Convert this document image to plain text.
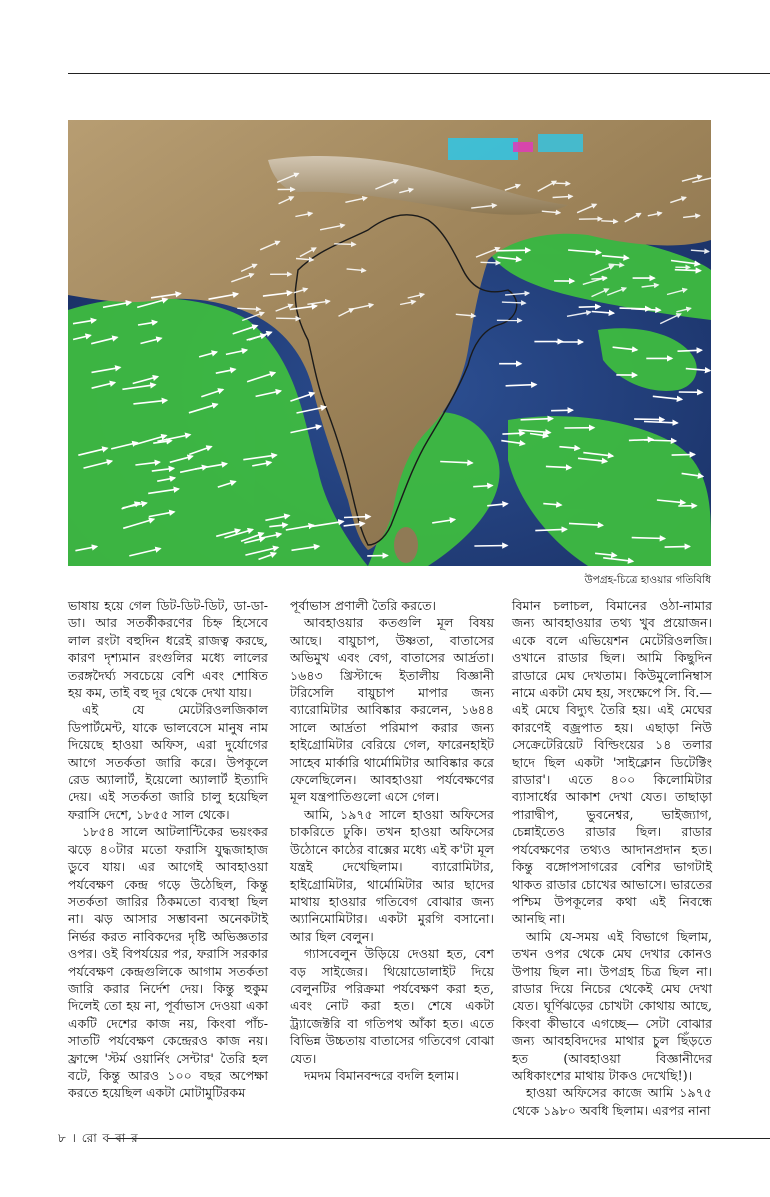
উপগ্রহ-চিত্রে হাওয়ার গতিবিধি

ভাষায় হয়ে গেল ডিট-ডিট-ডিট, ডা-ডা-ডা। আর সতর্কীকরণের চিহ্ন হিসেবে লাল রংটা বহুদিন ধরেই রাজত্ব করছে, কারণ দৃশ্যমান রংগুলির মধ্যে লালের তরঙ্গদৈর্ঘ্য সবচেয়ে বেশি এবং শোষিত হয় কম, তাই বহু দূর থেকে দেখা যায়।

এই যে মেটেরিওলজিকাল ডিপার্টমেন্ট, যাকে ভালবেসে মানুষ নাম দিয়েছে হাওয়া অফিস, এরা দুর্যোগের আগে সতর্কতা জারি করে। উপকূলে রেড অ্যালার্ট, ইয়েলো অ্যালার্ট ইত্যাদি দেয়। এই সতর্কতা জারি চালু হয়েছিল ফরাসি দেশে, ১৮৫৫ সাল থেকে।

১৮৫৪ সালে আটলান্টিকের ভয়ংকর ঝড়ে ৪০টার মতো ফরাসি যুদ্ধজাহাজ ডুবে যায়। এর আগেই আবহাওয়া পর্যবেক্ষণ কেন্দ্র গড়ে উঠেছিল, কিন্তু সতর্কতা জারির ঠিকমতো ব্যবস্থা ছিল না। ঝড় আসার সম্ভাবনা অনেকটাই নির্ভর করত নাবিকদের দৃষ্টি অভিজ্ঞতার ওপর। ওই বিপর্যয়ের পর, ফরাসি সরকার পর্যবেক্ষণ কেন্দ্রগুলিকে আগাম সতর্কতা জারি করার নির্দেশ দেয়। কিন্তু হুকুম দিলেই তো হয় না, পূর্বাভাস দেওয়া একা একটি দেশের কাজ নয়, কিংবা পাঁচ-সাতটি পর্যবেক্ষণ কেন্দ্রেরও কাজ নয়। ফ্রান্সে 'স্টর্ম ওয়ার্নিং সেন্টার' তৈরি হল বটে, কিন্তু আরও ১০০ বছর অপেক্ষা করতে হয়েছিল একটা মোটামুটিরকম

পূর্বাভাস প্রণালী তৈরি করতে।

আবহাওয়ার কতগুলি মূল বিষয় আছে। বায়ুচাপ, উষ্ণতা, বাতাসের অভিমুখ এবং বেগ, বাতাসের আর্দ্রতা। ১৬৪৩ খ্রিস্টাব্দে ইতালীয় বিজ্ঞানী টরিসেলি বায়ুচাপ মাপার জন্য ব্যারোমিটার আবিষ্কার করলেন, ১৬৪৪ সালে আর্দ্রতা পরিমাপ করার জন্য হাইগ্রোমিটার বেরিয়ে গেল, ফারেনহাইট সাহেব মার্কারি থার্মোমিটার আবিষ্কার করে ফেলেছিলেন। আবহাওয়া পর্যবেক্ষণের মূল যন্ত্রপাতিগুলো এসে গেল।

আমি, ১৯৭৫ সালে হাওয়া অফিসের চাকরিতে ঢুকি। তখন হাওয়া অফিসের উঠোনে কাঠের বাক্সের মধ্যে এই ক'টা মূল যন্ত্রই দেখেছিলাম। ব্যারোমিটার, হাইগ্রোমিটার, থার্মোমিটার আর ছাদের মাথায় হাওয়ার গতিবেগ বোঝার জন্য অ্যানিমোমিটার। একটা মুরগি বসানো। আর ছিল বেলুন।

গ্যাসবেলুন উড়িয়ে দেওয়া হত, বেশ বড় সাইজের। থিয়োডোলাইট দিয়ে বেলুনটির পরিক্রমা পর্যবেক্ষণ করা হত, এবং নোট করা হত। শেষে একটা ট্র্যাজেক্টরি বা গতিপথ আঁকা হত। এতে বিভিন্ন উচ্চতায় বাতাসের গতিবেগ বোঝা যেত।

দমদম বিমানবন্দরে বদলি হলাম।

বিমান চলাচল, বিমানের ওঠা-নামার জন্য আবহাওয়ার তথ্য খুব প্রয়োজন। একে বলে এভিয়েশন মেটেরিওলজি। ওখানে রাডার ছিল। আমি কিছুদিন রাডারে মেঘ দেখতাম। কিউমুলোনিম্বাস নামে একটা মেঘ হয়, সংক্ষেপে সি. বি.— এই মেঘে বিদ্যুৎ তৈরি হয়। এই মেঘের কারণেই বজ্রপাত হয়। এছাড়া নিউ সেক্রেটেরিয়েট বিল্ডিংয়ের ১৪ তলার ছাদে ছিল একটা 'সাইক্লোন ডিটেক্টিং রাডার'। এতে ৪০০ কিলোমিটার ব্যাসার্ধের আকাশ দেখা যেত। তাছাড়া পারাদ্বীপ, ভুবনেশ্বর, ভাইজ্যাগ, চেন্নাইতেও রাডার ছিল। রাডার পর্যবেক্ষণের তথ্যও আদানপ্রদান হত। কিন্তু বঙ্গোপসাগরের বেশির ভাগটাই থাকত রাডার চোখের আভাসে। ভারতের পশ্চিম উপকূলের কথা এই নিবন্ধে আনছি না।

আমি যে-সময় এই বিভাগে ছিলাম, তখন ওপর থেকে মেঘ দেখার কোনও উপায় ছিল না। উপগ্রহ চিত্র ছিল না। রাডার দিয়ে নিচের থেকেই মেঘ দেখা যেত। ঘূর্ণিঝড়ের চোখটা কোথায় আছে, কিংবা কীভাবে এগচ্ছে— সেটা বোঝার জন্য আবহবিদদের মাথার চুল ছিঁড়তে হত (আবহাওয়া বিজ্ঞানীদের অধিকাংশের মাথায় টাকও দেখেছি!)।

হাওয়া অফিসের কাজে আমি ১৯৭৫ থেকে ১৯৮০ অবধি ছিলাম। এরপর নানা

৮ । রো ব বা র
